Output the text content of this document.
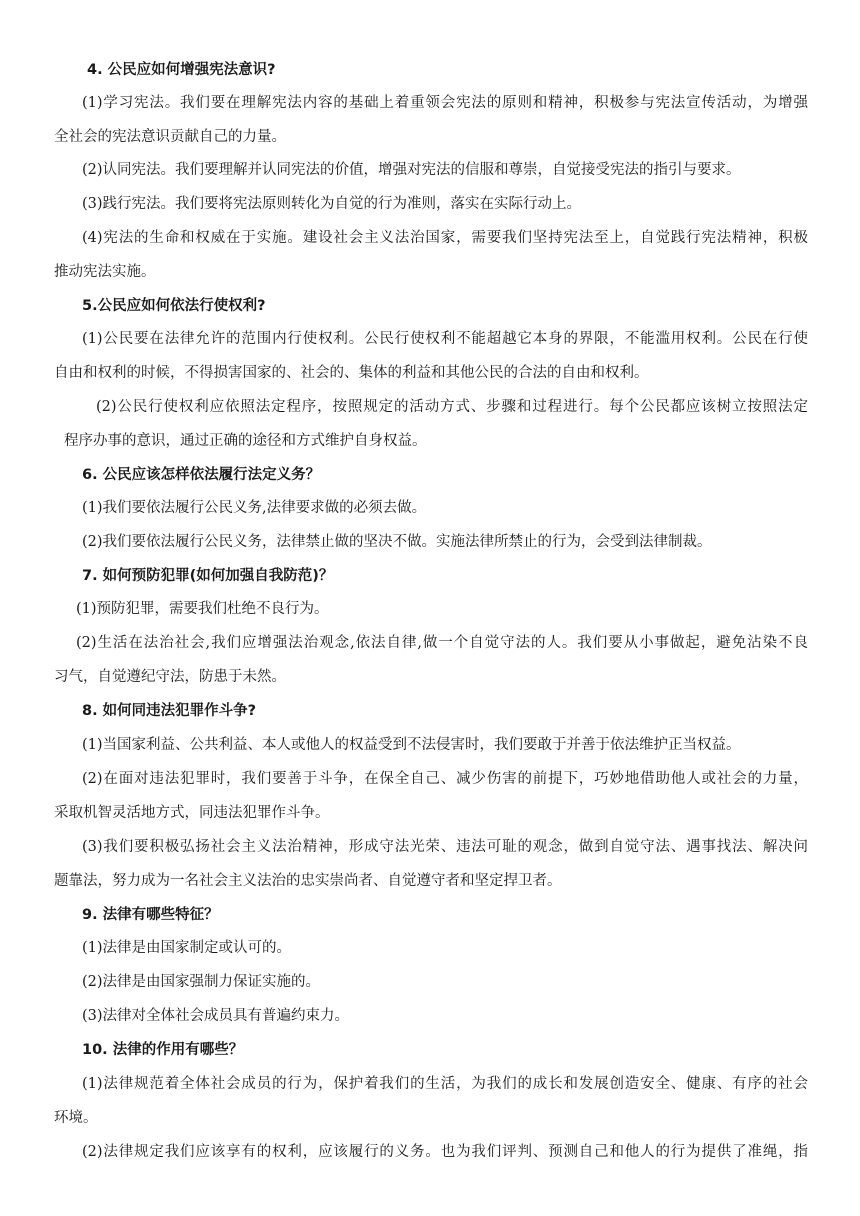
4. 公民应如何增强宪法意识?
(1)学习宪法。我们要在理解宪法内容的基础上着重领会宪法的原则和精神，积极参与宪法宣传活动，为增强
全社会的宪法意识贡献自己的力量。
(2)认同宪法。我们要理解并认同宪法的价值，增强对宪法的信服和尊崇，自觉接受宪法的指引与要求。
(3)践行宪法。我们要将宪法原则转化为自觉的行为准则，落实在实际行动上。
(4)宪法的生命和权威在于实施。建设社会主义法治国家，需要我们坚持宪法至上，自觉践行宪法精神，积极
推动宪法实施。
5.公民应如何依法行使权利?
(1)公民要在法律允许的范围内行使权利。公民行使权利不能超越它本身的界限，不能滥用权利。公民在行使
自由和权利的时候，不得损害国家的、社会的、集体的利益和其他公民的合法的自由和权利。
(2)公民行使权利应依照法定程序，按照规定的活动方式、步骤和过程进行。每个公民都应该树立按照法定
程序办事的意识，通过正确的途径和方式维护自身权益。
6. 公民应该怎样依法履行法定义务？
(1)我们要依法履行公民义务,法律要求做的必须去做。
(2)我们要依法履行公民义务，法律禁止做的坚决不做。实施法律所禁止的行为，会受到法律制裁。
7. 如何预防犯罪(如何加强自我防范)？
(1)预防犯罪，需要我们杜绝不良行为。
(2)生活在法治社会,我们应增强法治观念,依法自律,做一个自觉守法的人。我们要从小事做起，避免沾染不良
习气，自觉遵纪守法，防患于未然。
8. 如何同违法犯罪作斗争?
(1)当国家利益、公共利益、本人或他人的权益受到不法侵害时，我们要敢于并善于依法维护正当权益。
(2)在面对违法犯罪时，我们要善于斗争，在保全自己、减少伤害的前提下，巧妙地借助他人或社会的力量，
采取机智灵活地方式，同违法犯罪作斗争。
(3)我们要积极弘扬社会主义法治精神，形成守法光荣、违法可耻的观念，做到自觉守法、遇事找法、解决问
题靠法，努力成为一名社会主义法治的忠实崇尚者、自觉遵守者和坚定捍卫者。
9. 法律有哪些特征？
(1)法律是由国家制定或认可的。
(2)法律是由国家强制力保证实施的。
(3)法律对全体社会成员具有普遍约束力。
10. 法律的作用有哪些？
(1)法律规范着全体社会成员的行为，保护着我们的生活，为我们的成长和发展创造安全、健康、有序的社会
环境。
(2)法律规定我们应该享有的权利，应该履行的义务。也为我们评判、预测自己和他人的行为提供了准绳，指
